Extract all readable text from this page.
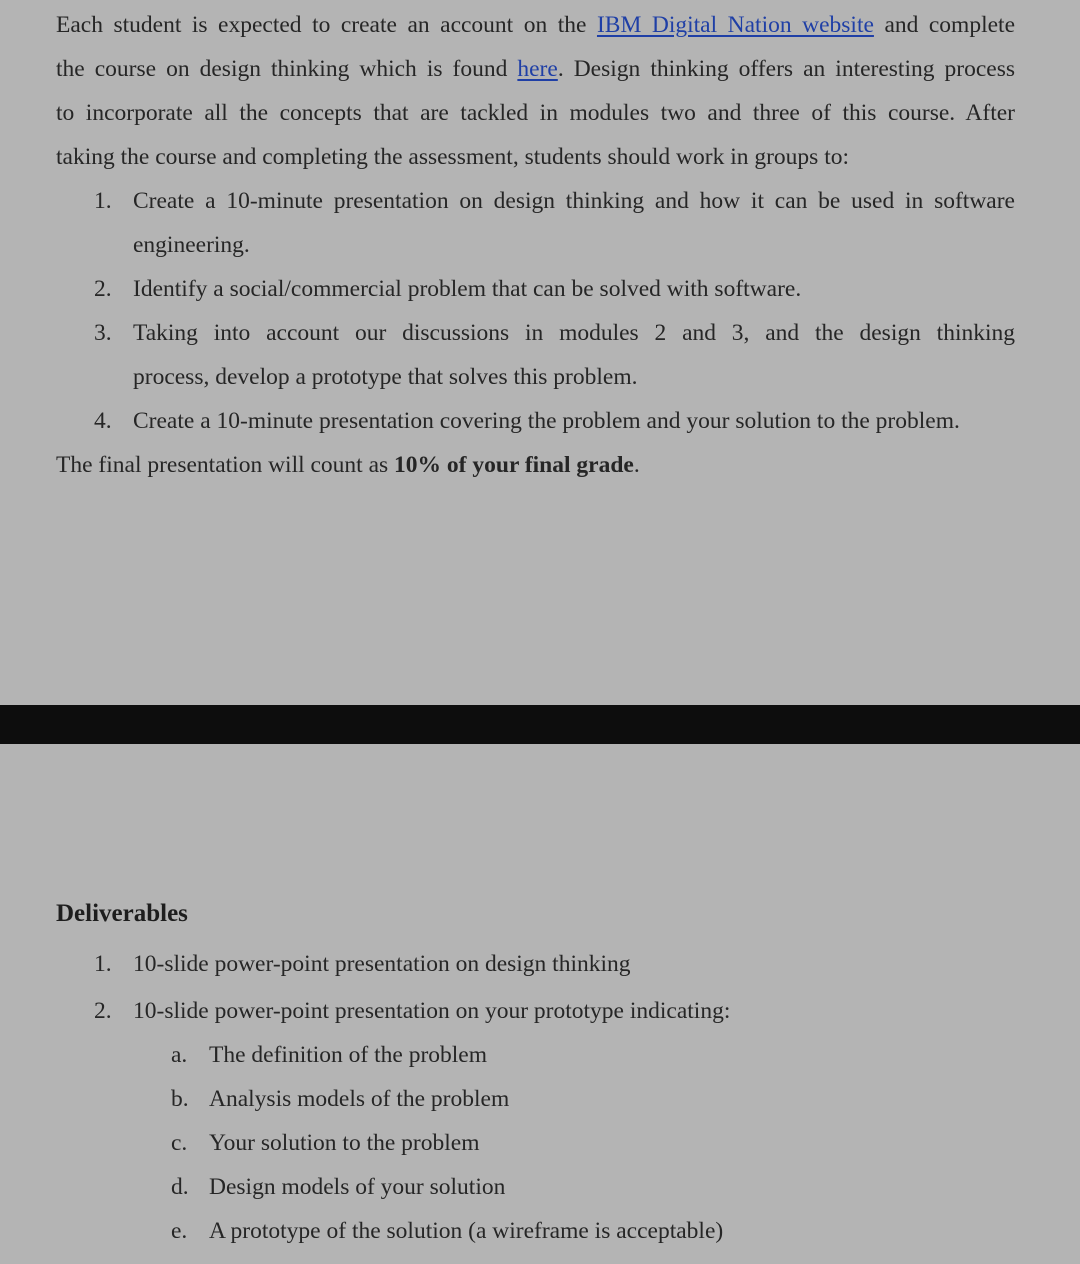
Each student is expected to create an account on the IBM Digital Nation website and complete
the course on design thinking which is found here. Design thinking offers an interesting process
to incorporate all the concepts that are tackled in modules two and three of this course. After
taking the course and completing the assessment, students should work in groups to:
1. Create a 10-minute presentation on design thinking and how it can be used in software
engineering.
2. Identify a social/commercial problem that can be solved with software.
3. Taking into account our discussions in modules 2 and 3, and the design thinking
process, develop a prototype that solves this problem.
4. Create a 10-minute presentation covering the problem and your solution to the problem.
The final presentation will count as 10% of your final grade.
Deliverables
1. 10-slide power-point presentation on design thinking
2. 10-slide power-point presentation on your prototype indicating:
a. The definition of the problem
b. Analysis models of the problem
c. Your solution to the problem
d. Design models of your solution
e. A prototype of the solution (a wireframe is acceptable)
